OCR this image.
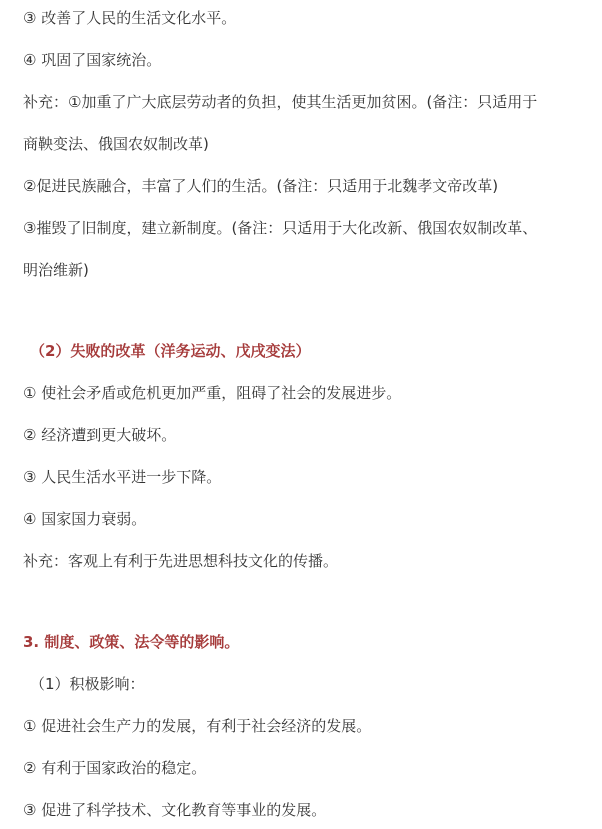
③ 改善了人民的生活文化水平。
④ 巩固了国家统治。
补充：①加重了广大底层劳动者的负担，使其生活更加贫困。(备注：只适用于
商鞅变法、俄国农奴制改革)
②促进民族融合，丰富了人们的生活。(备注：只适用于北魏孝文帝改革)
③摧毁了旧制度，建立新制度。(备注：只适用于大化改新、俄国农奴制改革、
明治维新)
（2）失败的改革（洋务运动、戊戌变法）
① 使社会矛盾或危机更加严重，阻碍了社会的发展进步。
② 经济遭到更大破坏。
③ 人民生活水平进一步下降。
④ 国家国力衰弱。
补充：客观上有利于先进思想科技文化的传播。
3. 制度、政策、法令等的影响。
（1）积极影响：
① 促进社会生产力的发展，有利于社会经济的发展。
② 有利于国家政治的稳定。
③ 促进了科学技术、文化教育等事业的发展。
